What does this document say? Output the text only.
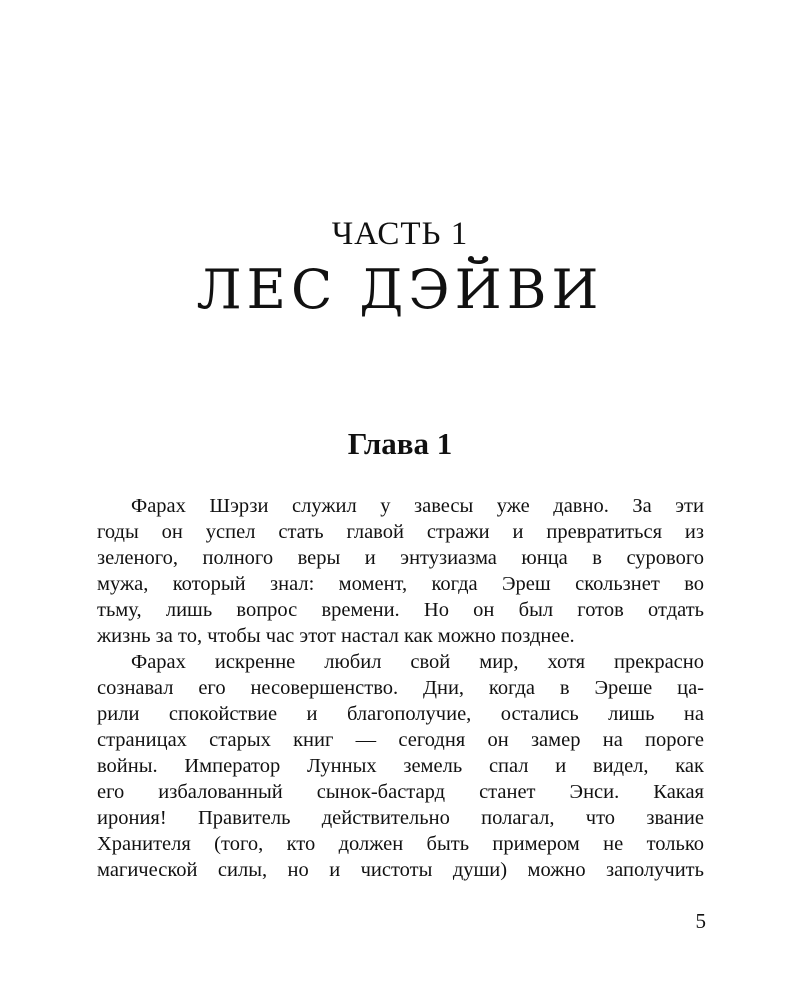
ЧАСТЬ 1
ЛЕС ДЭЙВИ
Глава 1
Фарах Шэрзи служил у завесы уже давно. За эти
годы он успел стать главой стражи и превратиться из
зеленого, полного веры и энтузиазма юнца в сурового
мужа, который знал: момент, когда Эреш скользнет во
тьму, лишь вопрос времени. Но он был готов отдать
жизнь за то, чтобы час этот настал как можно позднее.
Фарах искренне любил свой мир, хотя прекрасно
сознавал его несовершенство. Дни, когда в Эреше ца-
рили спокойствие и благополучие, остались лишь на
страницах старых книг — сегодня он замер на пороге
войны. Император Лунных земель спал и видел, как
его избалованный сынок-бастард станет Энси. Какая
ирония! Правитель действительно полагал, что звание
Хранителя (того, кто должен быть примером не только
магической силы, но и чистоты души) можно заполучить
5
